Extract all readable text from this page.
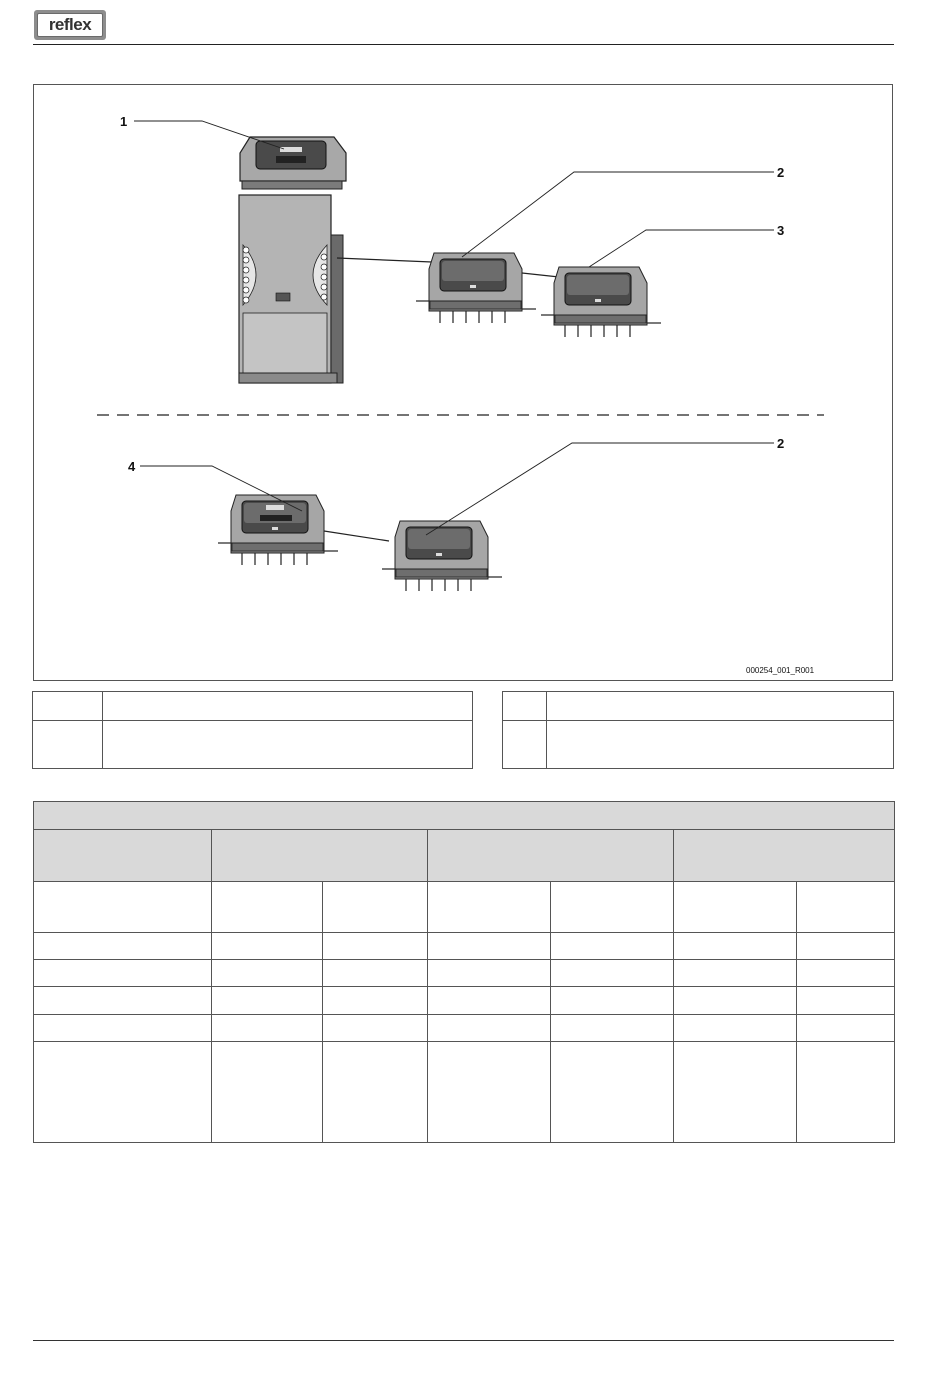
reflex
1
2
3
4
2
000254_001_R001
